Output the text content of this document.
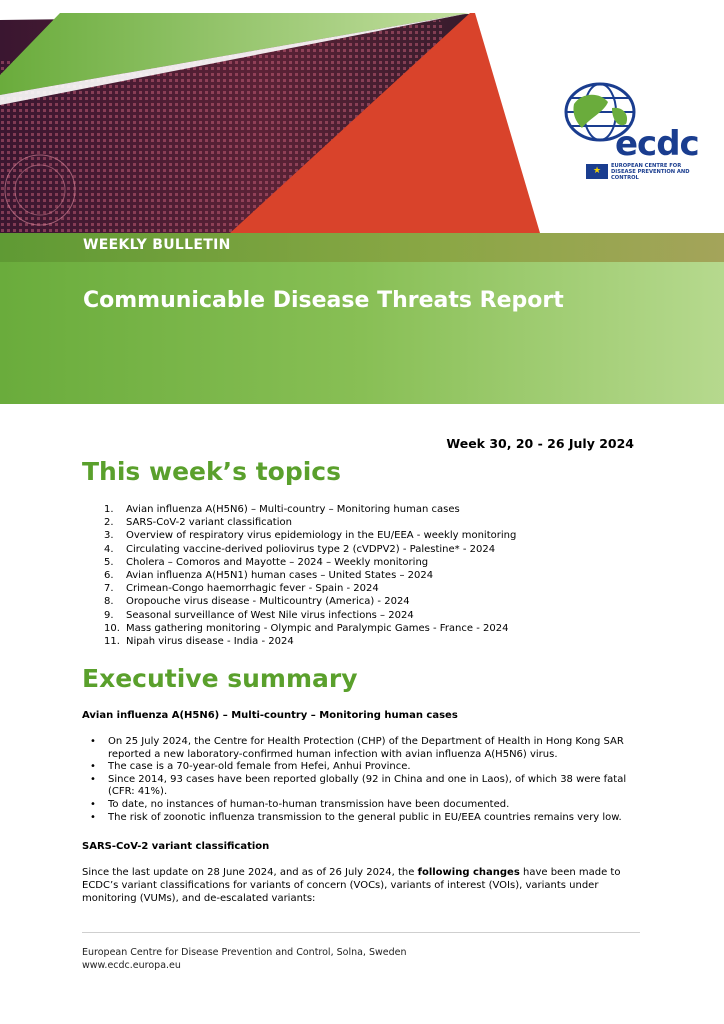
ecdc
★	EUROPEAN CENTRE FOR DISEASE PREVENTION AND CONTROL
WEEKLY BULLETIN
Communicable Disease Threats Report
Week 30, 20 - 26 July 2024
This week’s topics
1. Avian influenza A(H5N6) – Multi-country – Monitoring human cases
2. SARS-CoV-2 variant classification
3. Overview of respiratory virus epidemiology in the EU/EEA - weekly monitoring
4. Circulating vaccine-derived poliovirus type 2 (cVDPV2) - Palestine* - 2024
5. Cholera – Comoros and Mayotte – 2024 – Weekly monitoring
6. Avian influenza A(H5N1) human cases – United States – 2024
7. Crimean-Congo haemorrhagic fever - Spain - 2024
8. Oropouche virus disease - Multicountry (America) - 2024
9. Seasonal surveillance of West Nile virus infections – 2024
10. Mass gathering monitoring - Olympic and Paralympic Games - France - 2024
11. Nipah virus disease - India - 2024
Executive summary
Avian influenza A(H5N6) – Multi-country – Monitoring human cases
• On 25 July 2024, the Centre for Health Protection (CHP) of the Department of Health in Hong Kong SAR reported a new laboratory-confirmed human infection with avian influenza A(H5N6) virus.
• The case is a 70-year-old female from Hefei, Anhui Province.
• Since 2014, 93 cases have been reported globally (92 in China and one in Laos), of which 38 were fatal (CFR: 41%).
• To date, no instances of human-to-human transmission have been documented.
• The risk of zoonotic influenza transmission to the general public in EU/EEA countries remains very low.
SARS-CoV-2 variant classification
Since the last update on 28 June 2024, and as of 26 July 2024, the following changes have been made to ECDC’s variant classifications for variants of concern (VOCs), variants of interest (VOIs), variants under monitoring (VUMs), and de-escalated variants:
European Centre for Disease Prevention and Control, Solna, Sweden
www.ecdc.europa.eu
